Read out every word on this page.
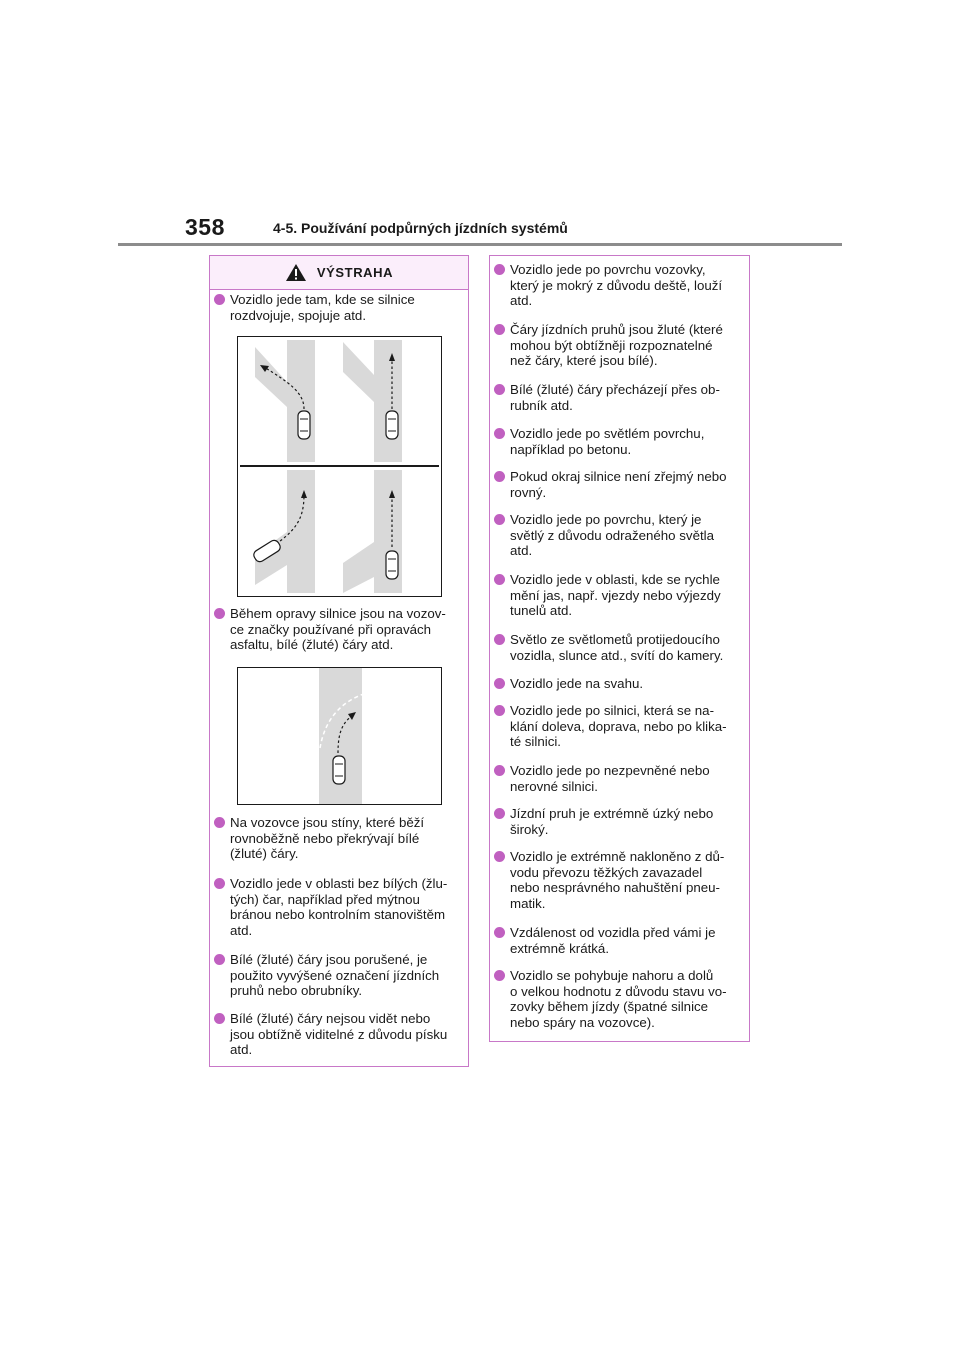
358	4-5. Používání podpůrných jízdních systémů
VÝSTRAHA
Vozidlo jede tam, kde se silnice
rozdvojuje, spojuje atd.
Během opravy silnice jsou na vozov-
ce značky používané při opravách
asfaltu, bílé (žluté) čáry atd.
Na vozovce jsou stíny, které běží
rovnoběžně nebo překrývají bílé
(žluté) čáry.
Vozidlo jede v oblasti bez bílých (žlu-
tých) čar, například před mýtnou
bránou nebo kontrolním stanovištěm
atd.
Bílé (žluté) čáry jsou porušené, je
použito vyvýšené označení jízdních
pruhů nebo obrubníky.
Bílé (žluté) čáry nejsou vidět nebo
jsou obtížně viditelné z důvodu písku
atd.
Vozidlo jede po povrchu vozovky,
který je mokrý z důvodu deště, louží
atd.
Čáry jízdních pruhů jsou žluté (které
mohou být obtížněji rozpoznatelné
než čáry, které jsou bílé).
Bílé (žluté) čáry přecházejí přes ob-
rubník atd.
Vozidlo jede po světlém povrchu,
například po betonu.
Pokud okraj silnice není zřejmý nebo
rovný.
Vozidlo jede po povrchu, který je
světlý z důvodu odraženého světla
atd.
Vozidlo jede v oblasti, kde se rychle
mění jas, např. vjezdy nebo výjezdy
tunelů atd.
Světlo ze světlometů protijedoucího
vozidla, slunce atd., svítí do kamery.
Vozidlo jede na svahu.
Vozidlo jede po silnici, která se na-
klání doleva, doprava, nebo po klika-
té silnici.
Vozidlo jede po nezpevněné nebo
nerovné silnici.
Jízdní pruh je extrémně úzký nebo
široký.
Vozidlo je extrémně nakloněno z dů-
vodu převozu těžkých zavazadel
nebo nesprávného nahuštění pneu-
matik.
Vzdálenost od vozidla před vámi je
extrémně krátká.
Vozidlo se pohybuje nahoru a dolů
o velkou hodnotu z důvodu stavu vo-
zovky během jízdy (špatné silnice
nebo spáry na vozovce).
